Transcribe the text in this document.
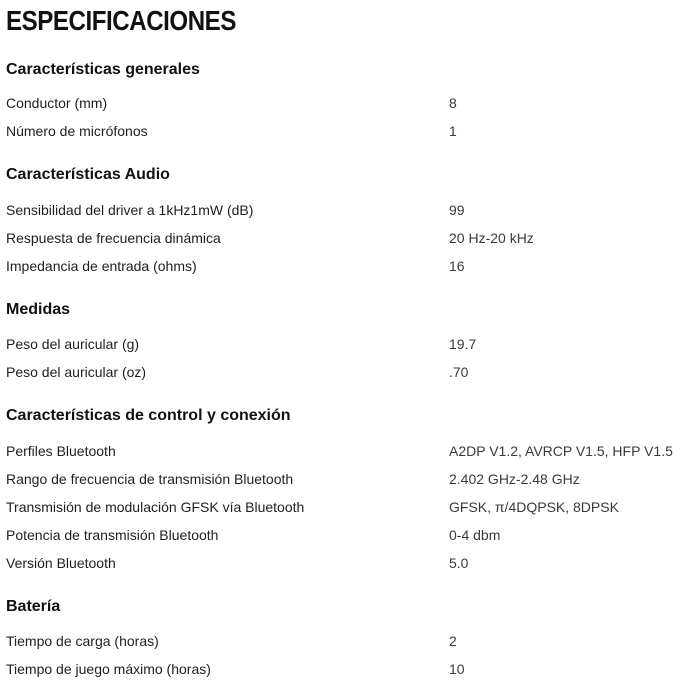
ESPECIFICACIONES
Características generales
Conductor (mm)	8
Número de micrófonos	1
Características Audio
Sensibilidad del driver a 1kHz1mW (dB)	99
Respuesta de frecuencia dinámica	20 Hz-20 kHz
Impedancia de entrada (ohms)	16
Medidas
Peso del auricular (g)	19.7
Peso del auricular (oz)	.70
Características de control y conexión
Perfiles Bluetooth	A2DP V1.2, AVRCP V1.5, HFP V1.5
Rango de frecuencia de transmisión Bluetooth	2.402 GHz-2.48 GHz
Transmisión de modulación GFSK vía Bluetooth	GFSK, π/4DQPSK, 8DPSK
Potencia de transmisión Bluetooth	0-4 dbm
Versión Bluetooth	5.0
Batería
Tiempo de carga (horas)	2
Tiempo de juego máximo (horas)	10
